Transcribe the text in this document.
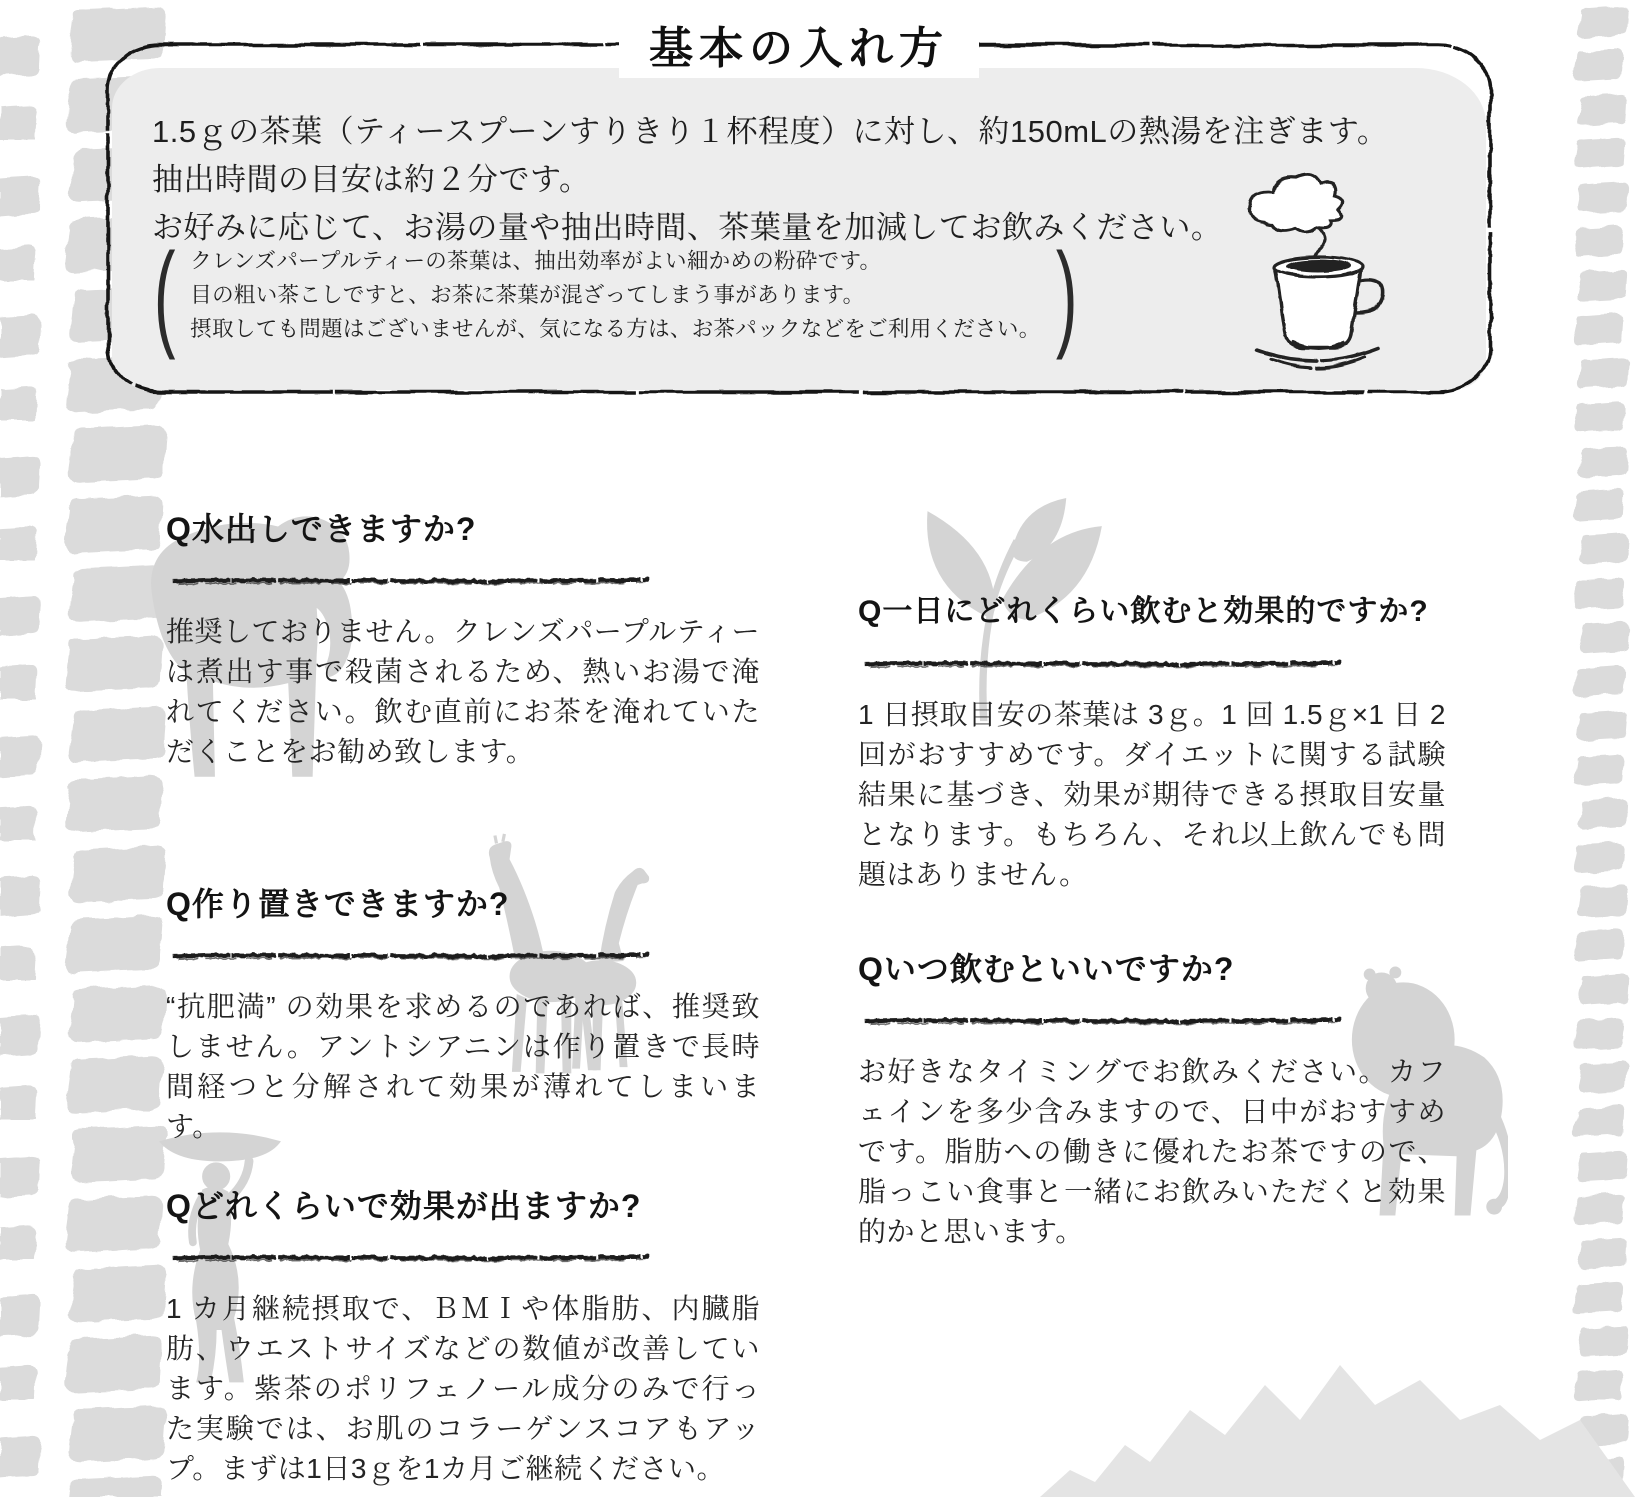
基本の入れ方

1.5ｇの茶葉（ティースプーンすりきり１杯程度）に対し、約150mLの熱湯を注ぎます。

抽出時間の目安は約２分です。

お好みに応じて、お湯の量や抽出時間、茶葉量を加減してお飲みください。

( クレンズパープルティーの茶葉は、抽出効率がよい細かめの粉砕です。

目の粗い茶こしですと、お茶に茶葉が混ざってしまう事があります。

摂取しても問題はございませんが、気になる方は、お茶パックなどをご利用ください。 )
Q水出しできますか?

推奨しておりません。クレンズパープルティーは煮出す事で殺菌されるため、熱いお湯で淹れてください。飲む直前にお茶を淹れていただくことをお勧め致します。

Q作り置きできますか?

“抗肥満” の効果を求めるのであれば、推奨致しません。アントシアニンは作り置きで長時間経つと分解されて効果が薄れてしまいます。

Qどれくらいで効果が出ますか?

1 カ月継続摂取で、ＢＭＩや体脂肪、内臓脂肪、ウエストサイズなどの数値が改善しています。紫茶のポリフェノール成分のみで行った実験では、お肌のコラーゲンスコアもアップ。まずは1日3ｇを1カ月ご継続ください。

Q一日にどれくらい飲むと効果的ですか?

1 日摂取目安の茶葉は 3ｇ。1 回 1.5ｇ×1 日 2 回がおすすめです。ダイエットに関する試験結果に基づき、効果が期待できる摂取目安量となります。もちろん、それ以上飲んでも問題はありません。

Qいつ飲むといいですか?

お好きなタイミングでお飲みください。カフェインを多少含みますので、日中がおすすめです。脂肪への働きに優れたお茶ですので、脂っこい食事と一緒にお飲みいただくと効果的かと思います。
